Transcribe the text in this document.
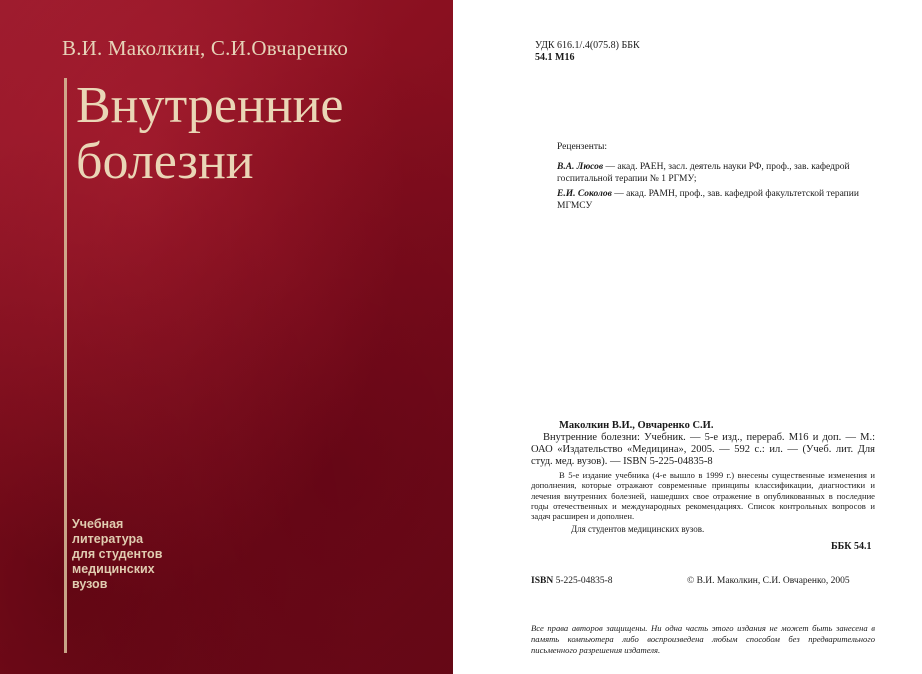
В.И. Маколкин, С.И.Овчаренко
Внутренние
болезни
Учебная
литература
для студентов
медицинских
вузов
УДК 616.1/.4(075.8) ББК
54.1 М16
Рецензенты:

В.А. Люсов — акад. РАЕН, засл. деятель науки РФ, проф., зав. кафедрой госпитальной терапии № 1 РГМУ;

Е.И. Соколов — акад. РАМН, проф., зав. кафедрой факультетской терапии МГМСУ

Маколкин В.И., Овчаренко С.И.

Внутренние болезни: Учебник. — 5-е изд., перераб. М16 и доп. — М.: ОАО «Издательство «Медицина», 2005. — 592 с.: ил. — (Учеб. лит. Для студ. мед. вузов). — ISBN 5-225-04835-8

В 5-е издание учебника (4-е вышло в 1999 г.) внесены существенные изменения и дополнения, которые отражают современные принципы классификации, диагностики и лечения внутренних болезней, нашедших свое отражение в опубликованных в последние годы отечественных и международных рекомендациях. Список контрольных вопросов и задач расширен и дополнен.

Для студентов медицинских вузов.

ББК 54.1
ISBN 5-225-04835-8	© В.И. Маколкин, С.И. Овчаренко, 2005
Все права авторов защищены. Ни одна часть этого издания не может быть занесена в память компьютера либо воспроизведена любым способом без предварительного письменного разрешения издателя.
